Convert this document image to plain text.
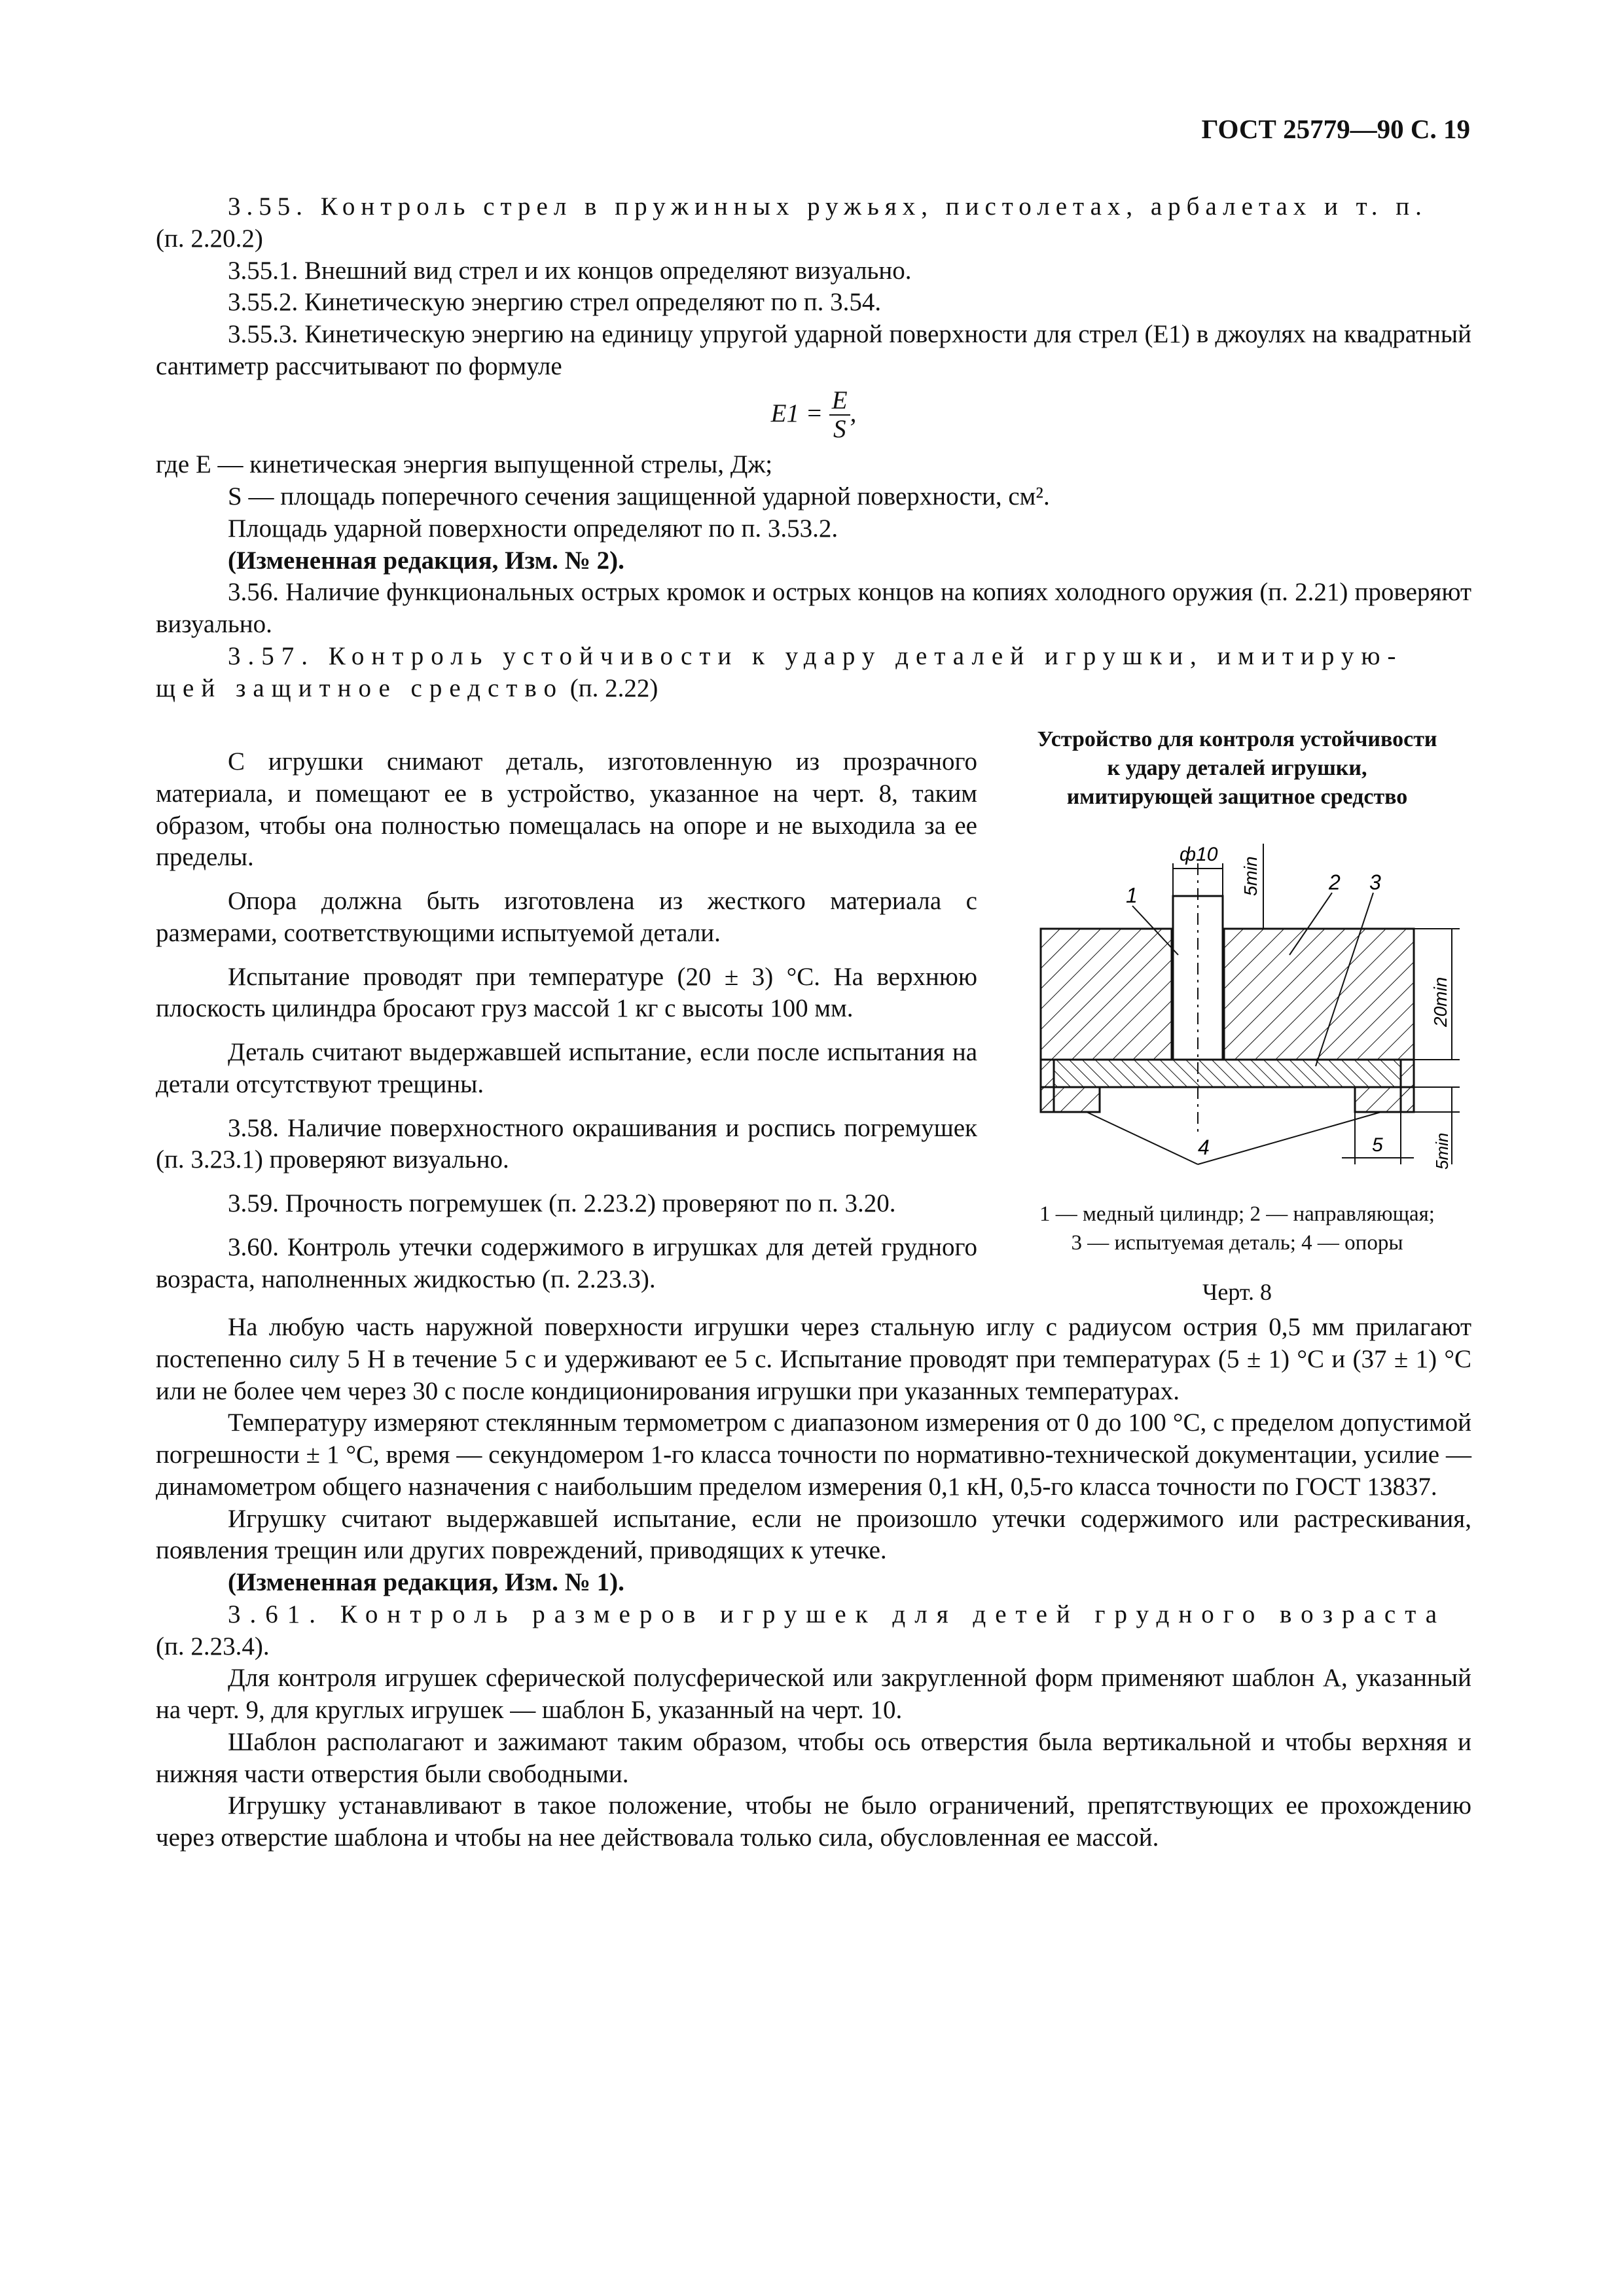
ГОСТ 25779—90 С. 19

3.55. Контроль стрел в пружинных ружьях, пистолетах, арбалетах и т. п.

(п. 2.20.2)

3.55.1. Внешний вид стрел и их концов определяют визуально.

3.55.2. Кинетическую энергию стрел определяют по п. 3.54.

3.55.3. Кинетическую энергию на единицу упругой ударной поверхности для стрел (E1) в джоулях на квадратный сантиметр рассчитывают по формуле

$E1 = \frac{E}{S}$ ,

где E — кинетическая энергия выпущенной стрелы, Дж;

S — площадь поперечного сечения защищенной ударной поверхности, см².

Площадь ударной поверхности определяют по п. 3.53.2.

(Измененная редакция, Изм. № 2).

3.56. Наличие функциональных острых кромок и острых концов на копиях холодного оружия (п. 2.21) проверяют визуально.

3.57. Контроль устойчивости к удару деталей игрушки, имитирую-

щей защитное средство (п. 2.22)

С игрушки снимают деталь, изготовленную из прозрачного материала, и помещают ее в устройство, указанное на черт. 8, таким образом, чтобы она полностью помещалась на опоре и не выходила за ее пределы.

Опора должна быть изготовлена из жесткого материала с размерами, соответствующими испытуемой детали.

Испытание проводят при температуре (20 ± 3) °С. На верхнюю плоскость цилиндра бросают груз массой 1 кг с высоты 100 мм.

Деталь считают выдержавшей испытание, если после испытания на детали отсутствуют трещины.

3.58. Наличие поверхностного окрашивания и роспись погремушек (п. 3.23.1) проверяют визуально.

3.59. Прочность погремушек (п. 2.23.2) проверяют по п. 3.20.

3.60. Контроль утечки содержимого в игрушках для детей грудного возраста, наполненных жидкостью (п. 2.23.3).

Устройство для контроля устойчивости
к удару деталей игрушки,
имитирующей защитное средство
ф10
5min
1
2 3
4
20min
5min
5
1 — медный цилиндр; 2 — направляющая;
3 — испытуемая деталь; 4 — опоры
Черт. 8

На любую часть наружной поверхности игрушки через стальную иглу с радиусом острия 0,5 мм прилагают постепенно силу 5 Н в течение 5 с и удерживают ее 5 с. Испытание проводят при температурах (5 ± 1) °С и (37 ± 1) °С или не более чем через 30 с после кондиционирования игрушки при указанных температурах.

Температуру измеряют стеклянным термометром с диапазоном измерения от 0 до 100 °С, с пределом допустимой погрешности ± 1 °С, время — секундомером 1-го класса точности по нормативно-технической документации, усилие — динамометром общего назначения с наибольшим пределом измерения 0,1 кН, 0,5-го класса точности по ГОСТ 13837.

Игрушку считают выдержавшей испытание, если не произошло утечки содержимого или растрескивания, появления трещин или других повреждений, приводящих к утечке.

(Измененная редакция, Изм. № 1).

3.61. Контроль размеров игрушек для детей грудного возраста

(п. 2.23.4).

Для контроля игрушек сферической полусферической или закругленной форм применяют шаблон А, указанный на черт. 9, для круглых игрушек — шаблон Б, указанный на черт. 10.

Шаблон располагают и зажимают таким образом, чтобы ось отверстия была вертикальной и чтобы верхняя и нижняя части отверстия были свободными.

Игрушку устанавливают в такое положение, чтобы не было ограничений, препятствующих ее прохождению через отверстие шаблона и чтобы на нее действовала только сила, обусловленная ее массой.
